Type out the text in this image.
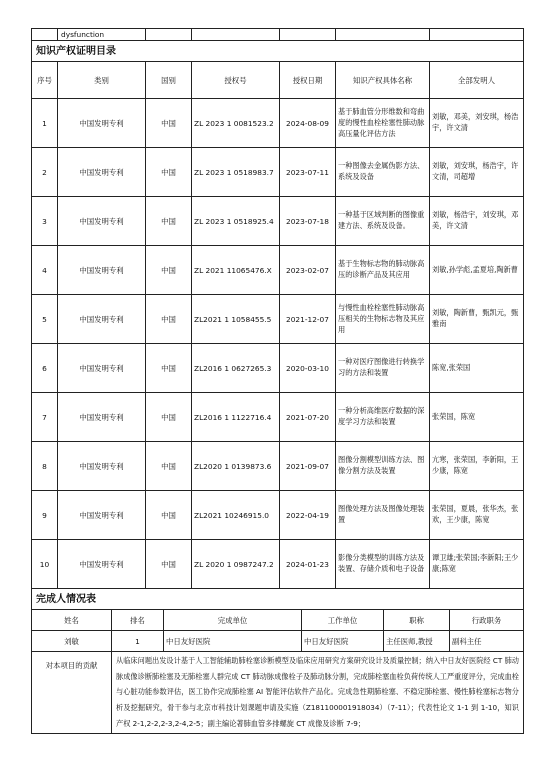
	dysfunction					
知识产权证明目录						
序号	类别	国别	授权号	授权日期	知识产权具体名称	全部发明人
1	中国发明专利	中国	ZL 2023 1 0081523.2	2024-08-09	基于肺血管分形维数和弯曲度的慢性血栓栓塞性肺动脉高压量化评估方法	刘敏，邓美，刘安琪，杨浩宇，许文清
2	中国发明专利	中国	ZL 2023 1 0518983.7	2023-07-11	一种图像去金属伪影方法、系统及设备	刘敏，刘安琪，杨浩宇，许文清，司超增
3	中国发明专利	中国	ZL 2023 1 0518925.4	2023-07-18	一种基于区域判断的图像重建方法、系统及设备。	刘敏，杨浩宇，刘安琪，邓美，许文清
4	中国发明专利	中国	ZL 2021 11065476.X	2023-02-07	基于生物标志物的肺动脉高压的诊断产品及其应用	刘敏,孙学彪,孟夏培,陶新曹
5	中国发明专利	中国	ZL2021 1 1058455.5	2021-12-07	与慢性血栓栓塞性肺动脉高压相关的生物标志物及其应用	刘敏，陶新曹，甄凯元，甄雅南
6	中国发明专利	中国	ZL2016 1 0627265.3	2020-03-10	一种对医疗图像进行转换学习的方法和装置	陈宽,张荣国
7	中国发明专利	中国	ZL2016 1 1122716.4	2021-07-20	一种分析高维医疗数据的深度学习方法和装置	张荣国，陈宽
8	中国发明专利	中国	ZL2020 1 0139873.6	2021-09-07	图像分割模型训练方法、图像分割方法及装置	亢寒，张荣国，李新阳，王少康，陈宽
9	中国发明专利	中国	ZL2021 10246915.0	2022-04-19	图像处理方法及图像处理装置	张荣国，夏晨，张华杰，张欢，王少康，陈宽
10	中国发明专利	中国	ZL 2020 1 0987247.2	2024-01-23	影像分类模型的训练方法及装置、存储介质和电子设备	谭卫雄;张荣国;李新阳;王少康;陈宽
完成人情况表					
姓名	排名	完成单位	工作单位	职称	行政职务
刘敏	1	中日友好医院	中日友好医院	主任医师,教授	副科主任
对本项目的贡献	从临床问题出发设计基于人工智能辅助肺栓塞诊断模型及临床应用研究方案研究设计及质量控制；纳入中日友好医院经 CT 肺动脉成像诊断肺栓塞及无肺栓塞人群完成 CT 肺动脉成像栓子及肺动脉分割，完成肺栓塞血栓负荷传统人工严重度评分，完成血栓与心脏功能参数评估，医工协作完成肺栓塞 AI 智能评估软件产品化。完成急性期肺栓塞、不稳定肺栓塞、慢性肺栓塞标志物分析及挖掘研究，骨干参与北京市科技计划课题申请及实施（Z181100001918034）（7-11）；代表性论文 1-1 到 1-10，知识产权 2-1,2-2,2-3,2-4,2-5；副主编论著肺血管多排螺旋 CT 成像及诊断 7-9；				
